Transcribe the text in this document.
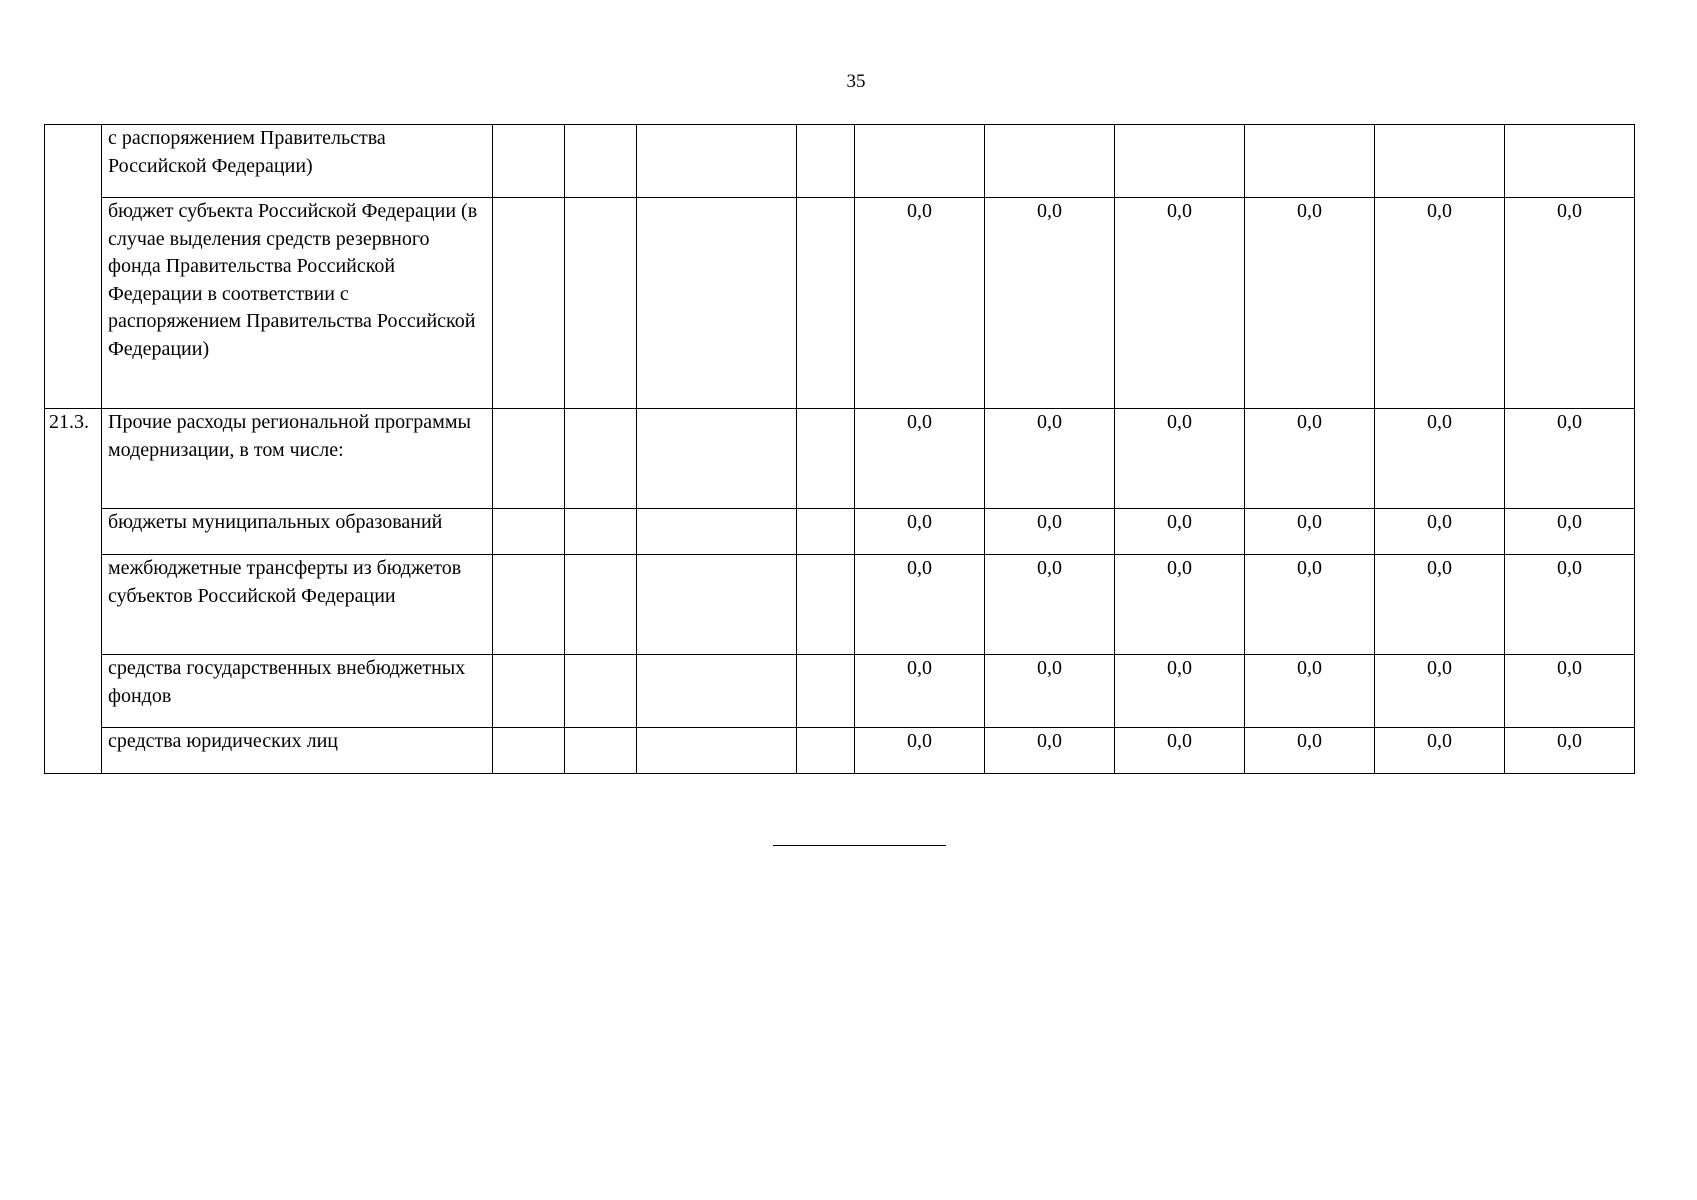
35
	с распоряжением Правительства Российской Федерации)										
	бюджет субъекта Российской Федерации (в случае выделения средств резервного фонда Правительства Российской Федерации в соответствии с распоряжением Правительства Российской Федерации)					0,0	0,0	0,0	0,0	0,0	0,0
21.3.	Прочие расходы региональной программы модернизации, в том числе:					0,0	0,0	0,0	0,0	0,0	0,0
	бюджеты муниципальных образований					0,0	0,0	0,0	0,0	0,0	0,0
	межбюджетные трансферты из бюджетов субъектов Российской Федерации					0,0	0,0	0,0	0,0	0,0	0,0
	средства государственных внебюджетных фондов					0,0	0,0	0,0	0,0	0,0	0,0
	средства юридических лиц					0,0	0,0	0,0	0,0	0,0	0,0
